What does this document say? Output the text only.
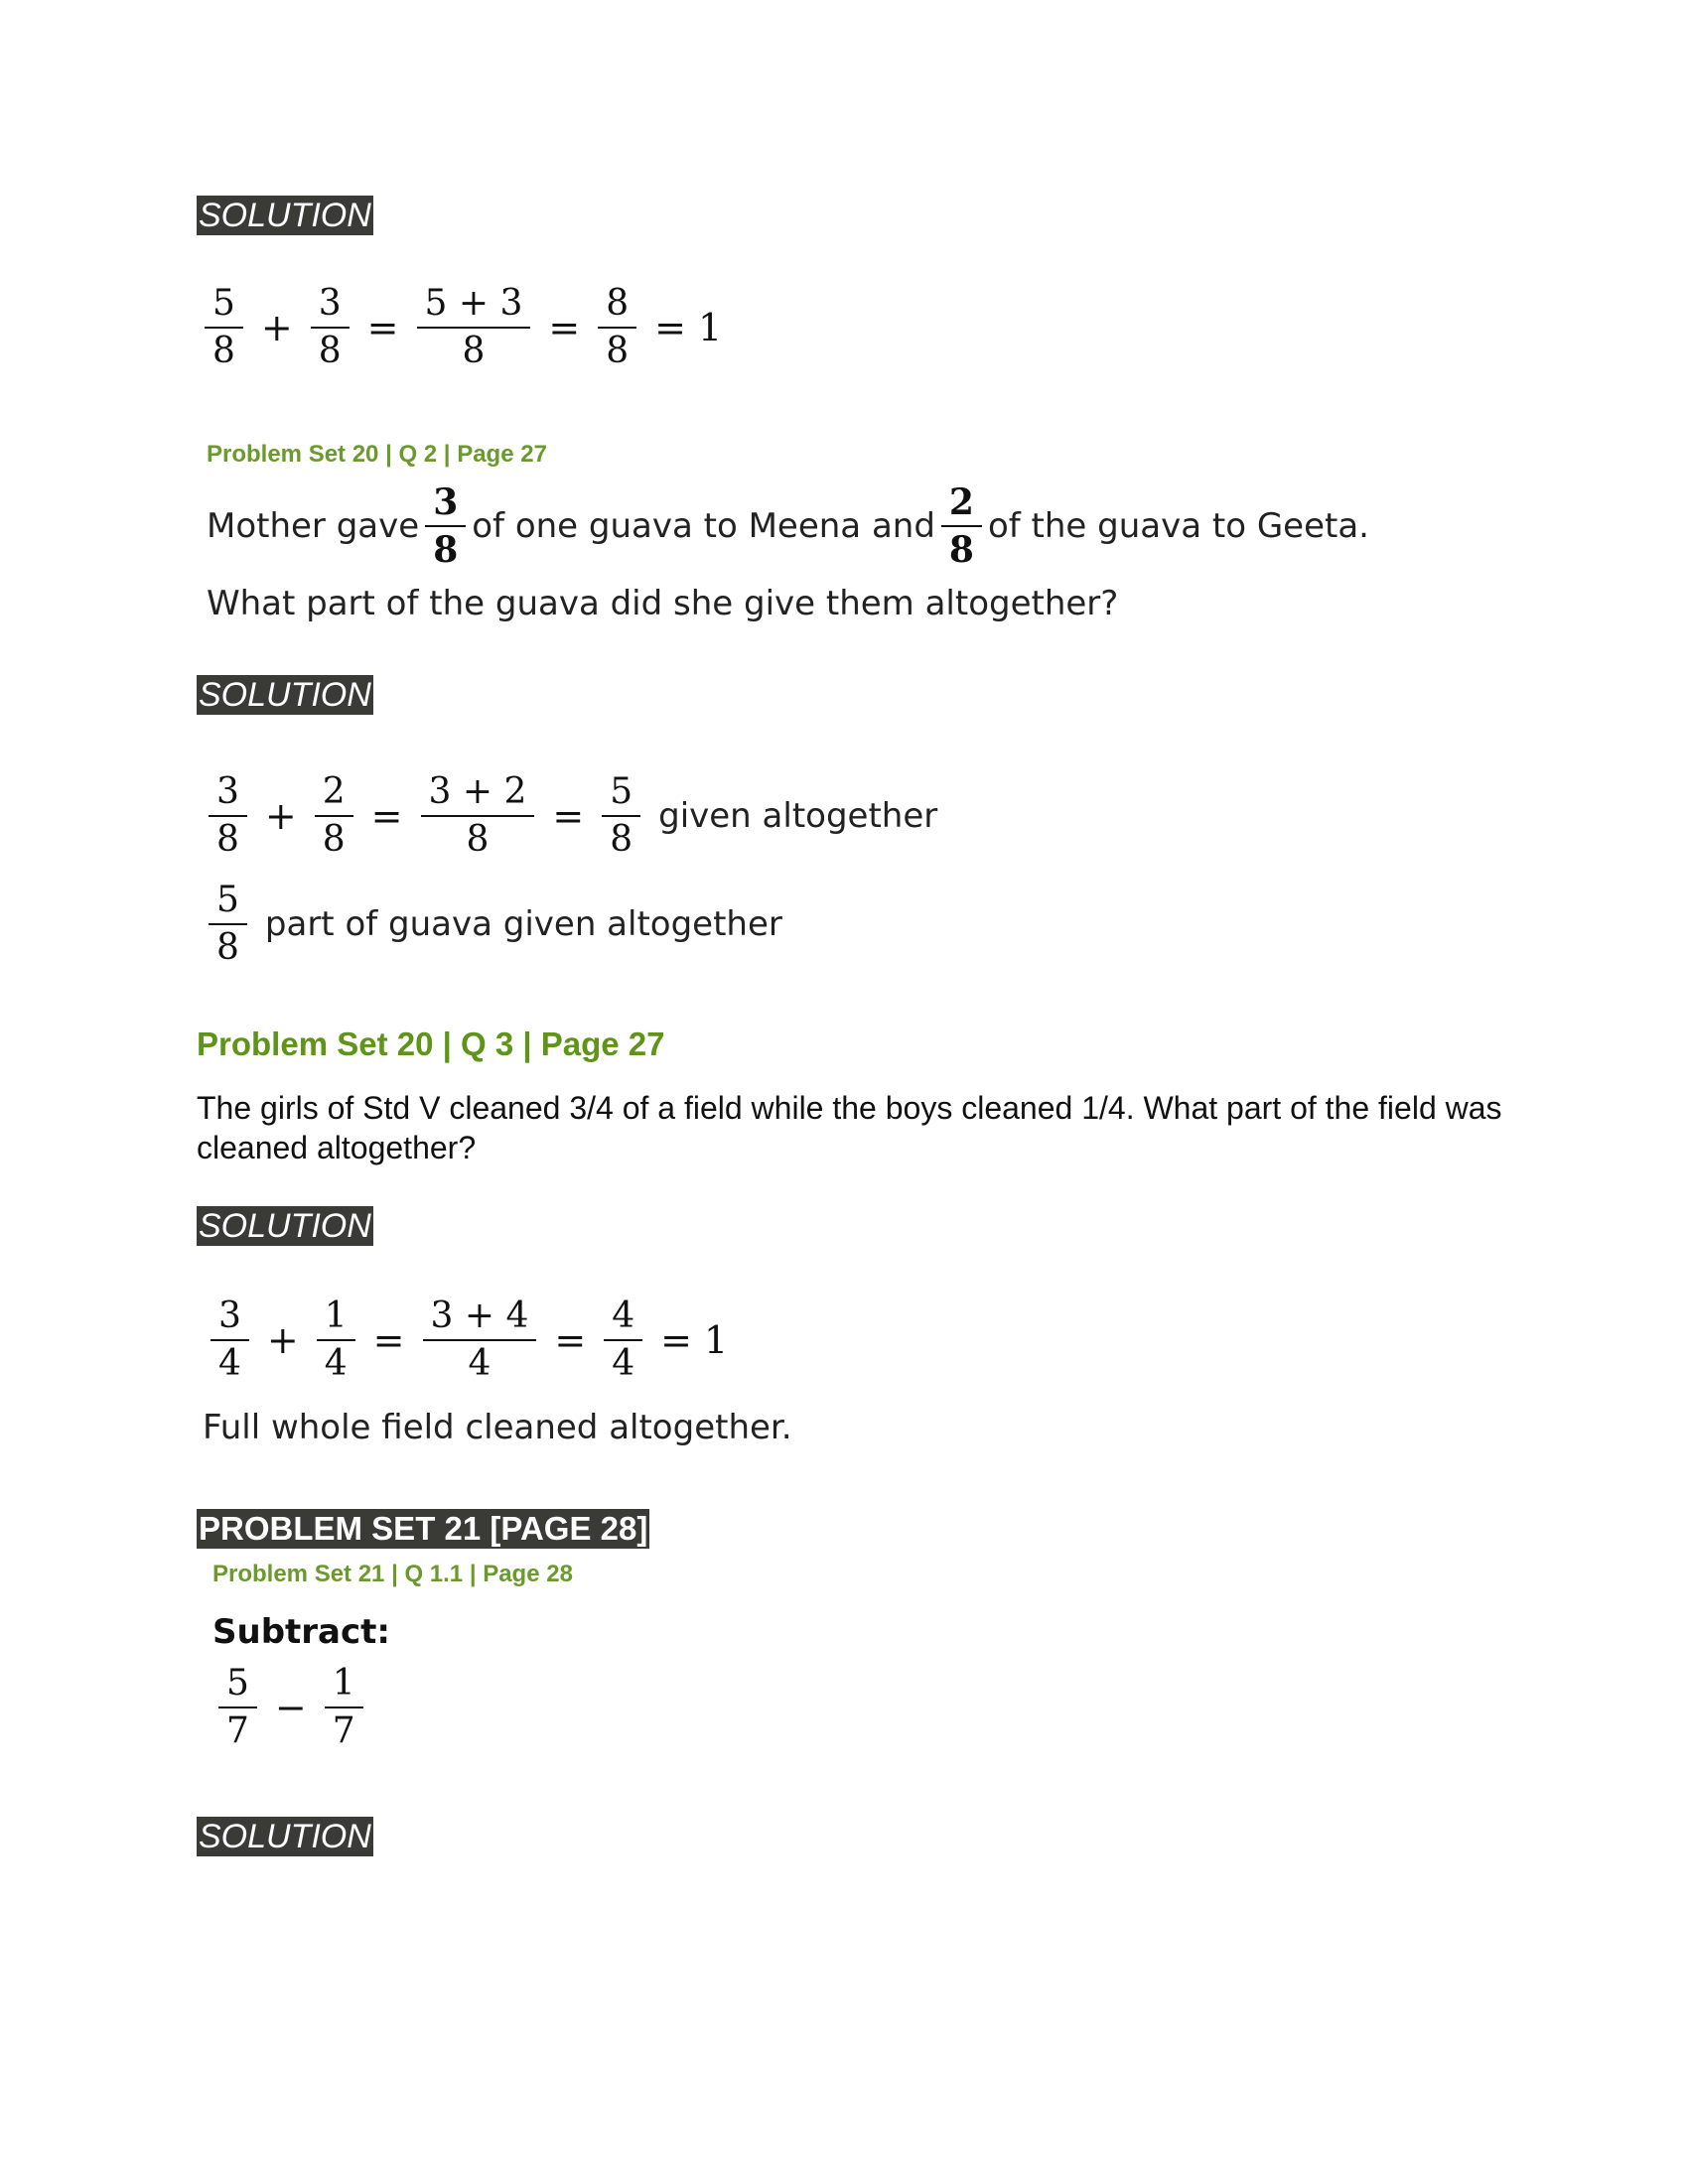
SOLUTION
$\frac{5}{8} + \frac{3}{8} = \frac{5 + 3}{8} = \frac{8}{8} = 1$
Problem Set 20 | Q 2 | Page 27
Mother gave $\frac{3}{8}$ of one guava to Meena and $\frac{2}{8}$ of the guava to Geeta.
What part of the guava did she give them altogether?
SOLUTION
$\frac{3}{8} + \frac{2}{8} = \frac{3 + 2}{8} = \frac{5}{8}$ given altogether
$\frac{5}{8}$ part of guava given altogether
Problem Set 20 | Q 3 | Page 27
The girls of Std V cleaned 3/4 of a field while the boys cleaned 1/4. What part of the field was cleaned altogether?
SOLUTION
$\frac{3}{4} + \frac{1}{4} = \frac{3 + 4}{4} = \frac{4}{4} = 1$
Full whole field cleaned altogether.
PROBLEM SET 21 [PAGE 28]
Problem Set 21 | Q 1.1 | Page 28
Subtract:
$\frac{5}{7} - \frac{1}{7}$
SOLUTION
